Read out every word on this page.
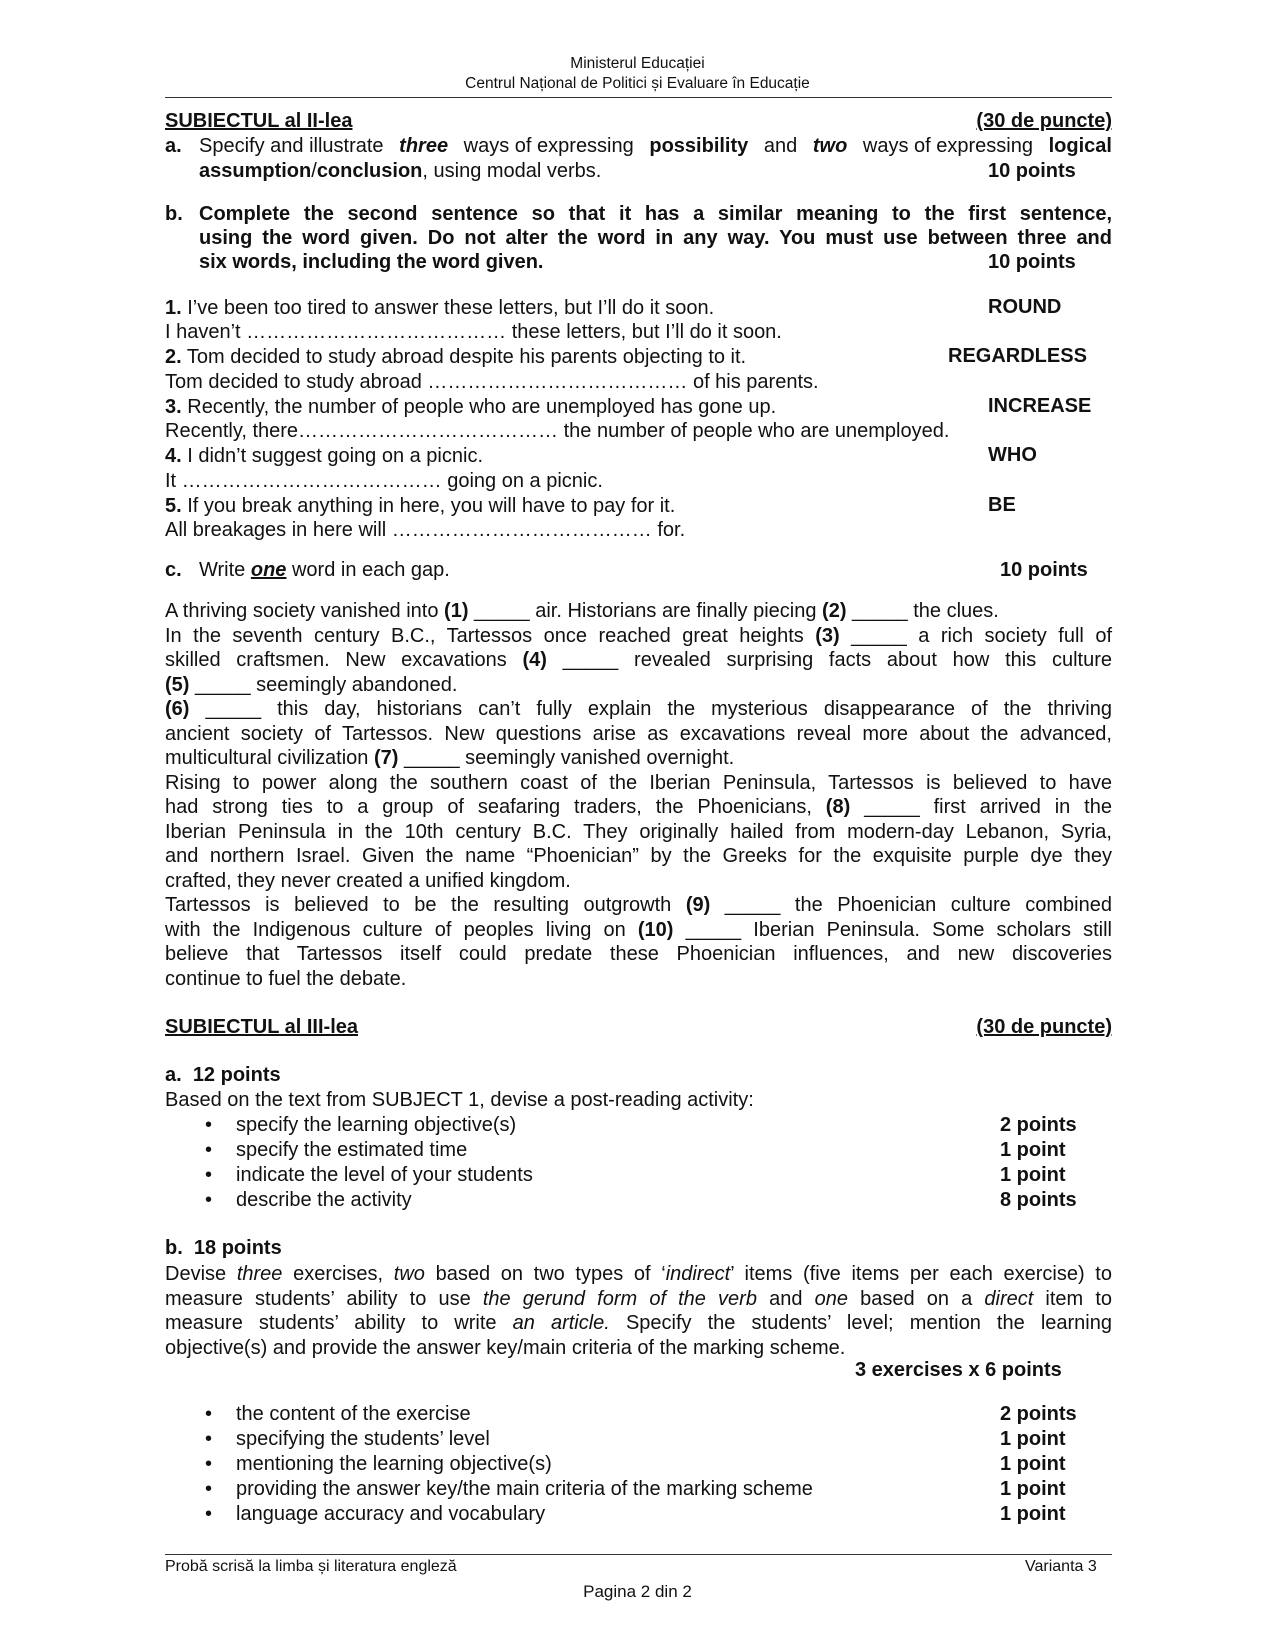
Ministerul Educației
Centrul Național de Politici și Evaluare în Educație
SUBIECTUL al II-lea	(30 de puncte)
a. Specify and illustrate three ways of expressing possibility and two ways of expressing logical
assumption/conclusion, using modal verbs.	10 points
b. Complete the second sentence so that it has a similar meaning to the first sentence,
using the word given. Do not alter the word in any way. You must use between three and
six words, including the word given.	10 points
1. I’ve been too tired to answer these letters, but I’ll do it soon.	ROUND
I haven’t ………………………………… these letters, but I’ll do it soon.
2. Tom decided to study abroad despite his parents objecting to it.	REGARDLESS
Tom decided to study abroad ………………………………… of his parents.
3. Recently, the number of people who are unemployed has gone up.	INCREASE
Recently, there………………………………… the number of people who are unemployed.
4. I didn’t suggest going on a picnic.	WHO
It ………………………………… going on a picnic.
5. If you break anything in here, you will have to pay for it.	BE
All breakages in here will ………………………………… for.
c. Write one word in each gap.	10 points
A thriving society vanished into (1) _____ air. Historians are finally piecing (2) _____ the clues.
In the seventh century B.C., Tartessos once reached great heights (3) _____ a rich society full of
skilled craftsmen. New excavations (4) _____ revealed surprising facts about how this culture
(5) _____ seemingly abandoned.
(6) _____ this day, historians can’t fully explain the mysterious disappearance of the thriving
ancient society of Tartessos. New questions arise as excavations reveal more about the advanced,
multicultural civilization (7) _____ seemingly vanished overnight.
Rising to power along the southern coast of the Iberian Peninsula, Tartessos is believed to have
had strong ties to a group of seafaring traders, the Phoenicians, (8) _____ first arrived in the
Iberian Peninsula in the 10th century B.C. They originally hailed from modern-day Lebanon, Syria,
and northern Israel. Given the name “Phoenician” by the Greeks for the exquisite purple dye they
crafted, they never created a unified kingdom.
Tartessos is believed to be the resulting outgrowth (9) _____ the Phoenician culture combined
with the Indigenous culture of peoples living on (10) _____ Iberian Peninsula. Some scholars still
believe that Tartessos itself could predate these Phoenician influences, and new discoveries
continue to fuel the debate.
SUBIECTUL al III-lea	(30 de puncte)
a. 12 points
Based on the text from SUBJECT 1, devise a post-reading activity:
• specify the learning objective(s)	2 points
• specify the estimated time	1 point
• indicate the level of your students	1 point
• describe the activity	8 points
b. 18 points
Devise three exercises, two based on two types of ‘indirect’ items (five items per each exercise) to
measure students’ ability to use the gerund form of the verb and one based on a direct item to
measure students’ ability to write an article. Specify the students’ level; mention the learning
objective(s) and provide the answer key/main criteria of the marking scheme.
3 exercises x 6 points
• the content of the exercise	2 points
• specifying the students’ level	1 point
• mentioning the learning objective(s)	1 point
• providing the answer key/the main criteria of the marking scheme	1 point
• language accuracy and vocabulary	1 point
Probă scrisă la limba și literatura engleză	Varianta 3
Pagina 2 din 2
